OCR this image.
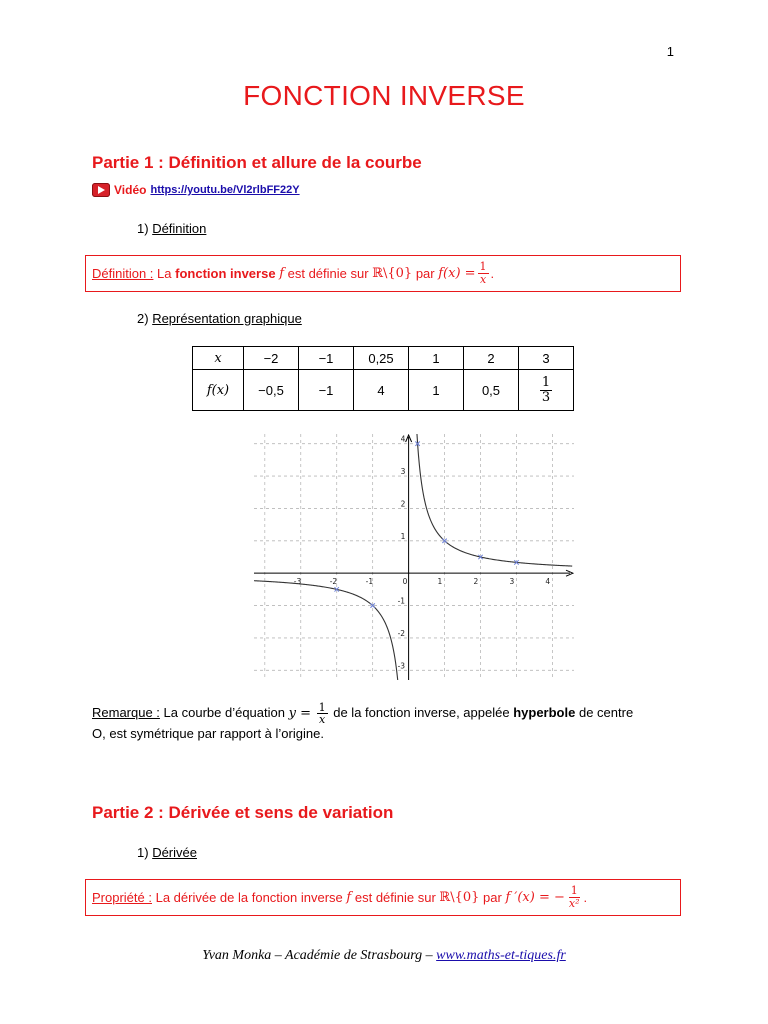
1
FONCTION INVERSE
Partie 1 : Définition et allure de la courbe
Vidéo https://youtu.be/Vl2rlbFF22Y
1) Définition
Définition :
La
fonction inverse
f
est définie sur
ℝ\{0}
par
$f(x) = \frac{1}{x}$ .
2) Représentation graphique
x	−2	−1	0,25	1	2	3
f(x)	−0,5	−1	4	1	0,5	$\frac{1}{3}$
-3	-2	-1	0	1	2	3	4
-3
-2
-1
1
2
3
4
Remarque : La courbe d’équation $y = \frac{1}{x}$ de la fonction inverse, appelée hyperbole de centre
O, est symétrique par rapport à l’origine.
Partie 2 : Dérivée et sens de variation
1) Dérivée
Propriété :
La dérivée de la fonction inverse
f
est définie sur
ℝ\{0}
par
f ′(x) = − $\frac{1}{\text{x²}}$ .
Yvan Monka – Académie de Strasbourg – www.maths-et-tiques.fr
